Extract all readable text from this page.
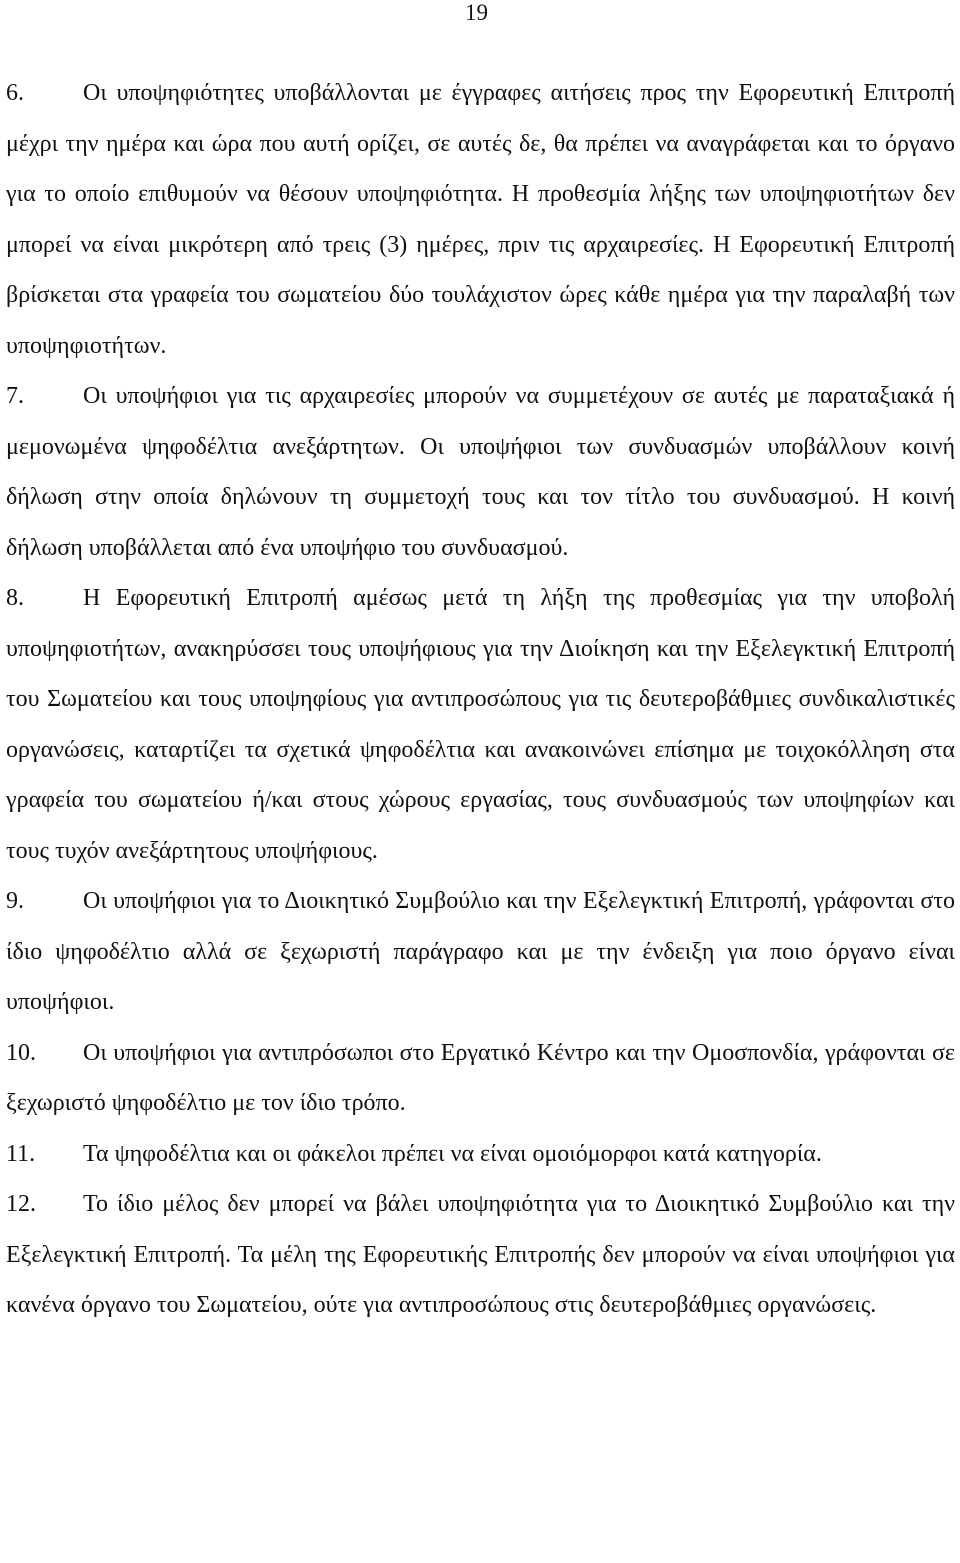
19

6. Οι υποψηφιότητες υποβάλλονται με έγγραφες αιτήσεις προς την Εφορευτική Επιτροπή μέχρι την ημέρα και ώρα που αυτή ορίζει, σε αυτές δε, θα πρέπει να αναγράφεται και το όργανο για το οποίο επιθυμούν να θέσουν υποψηφιότητα. Η προθεσμία λήξης των υποψηφιοτήτων δεν μπορεί να είναι μικρότερη από τρεις (3) ημέρες, πριν τις αρχαιρεσίες. Η Εφορευτική Επιτροπή βρίσκεται στα γραφεία του σωματείου δύο τουλάχιστον ώρες κάθε ημέρα για την παραλαβή των υποψηφιοτήτων.

7. Οι υποψήφιοι για τις αρχαιρεσίες μπορούν να συμμετέχουν σε αυτές με παραταξιακά ή μεμονωμένα ψηφοδέλτια ανεξάρτητων. Οι υποψήφιοι των συνδυασμών υποβάλλουν κοινή δήλωση στην οποία δηλώνουν τη συμμετοχή τους και τον τίτλο του συνδυασμού. Η κοινή δήλωση υποβάλλεται από ένα υποψήφιο του συνδυασμού.

8. Η Εφορευτική Επιτροπή αμέσως μετά τη λήξη της προθεσμίας για την υποβολή υποψηφιοτήτων, ανακηρύσσει τους υποψήφιους για την Διοίκηση και την Εξελεγκτική Επιτροπή του Σωματείου και τους υποψηφίους για αντιπροσώπους για τις δευτεροβάθμιες συνδικαλιστικές οργανώσεις, καταρτίζει τα σχετικά ψηφοδέλτια και ανακοινώνει επίσημα με τοιχοκόλληση στα γραφεία του σωματείου ή/και στους χώρους εργασίας, τους συνδυασμούς των υποψηφίων και τους τυχόν ανεξάρτητους υποψήφιους.

9. Οι υποψήφιοι για το Διοικητικό Συμβούλιο και την Εξελεγκτική Επιτροπή, γράφονται στο ίδιο ψηφοδέλτιο αλλά σε ξεχωριστή παράγραφο και με την ένδειξη για ποιο όργανο είναι υποψήφιοι.

10. Οι υποψήφιοι για αντιπρόσωποι στο Εργατικό Κέντρο και την Ομοσπονδία, γράφονται σε ξεχωριστό ψηφοδέλτιο με τον ίδιο τρόπο.

11. Τα ψηφοδέλτια και οι φάκελοι πρέπει να είναι ομοιόμορφοι κατά κατηγορία.

12. Το ίδιο μέλος δεν μπορεί να βάλει υποψηφιότητα για το Διοικητικό Συμβούλιο και την Εξελεγκτική Επιτροπή. Τα μέλη της Εφορευτικής Επιτροπής δεν μπορούν να είναι υποψήφιοι για κανένα όργανο του Σωματείου, ούτε για αντιπροσώπους στις δευτεροβάθμιες οργανώσεις.
